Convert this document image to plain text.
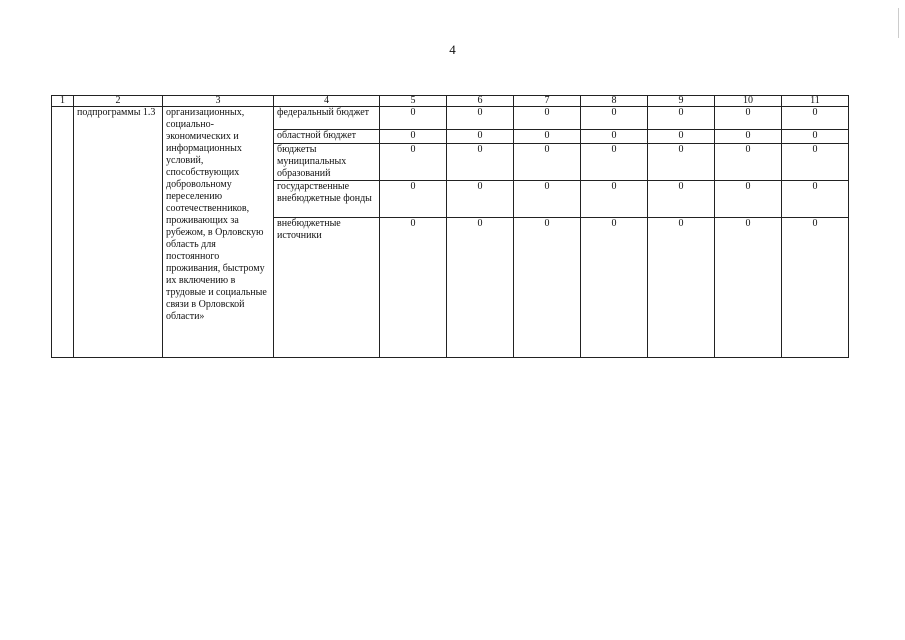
4
1	2	3	4	5	6	7	8	9	10	11
	подпрограммы 1.3	организационных, социально-экономических и информационных условий, способствующих добровольному переселению соотечественников, проживающих за рубежом, в Орловскую область для постоянного проживания, быстрому их включению в трудовые и социальные связи в Орловской области»	федеральный бюджет	0	0	0	0	0	0	0
			областной бюджет	0	0	0	0	0	0	0
			бюджеты муниципальных образований	0	0	0	0	0	0	0
			государственные внебюджетные фонды	0	0	0	0	0	0	0
			внебюджетные источники	0	0	0	0	0	0	0
